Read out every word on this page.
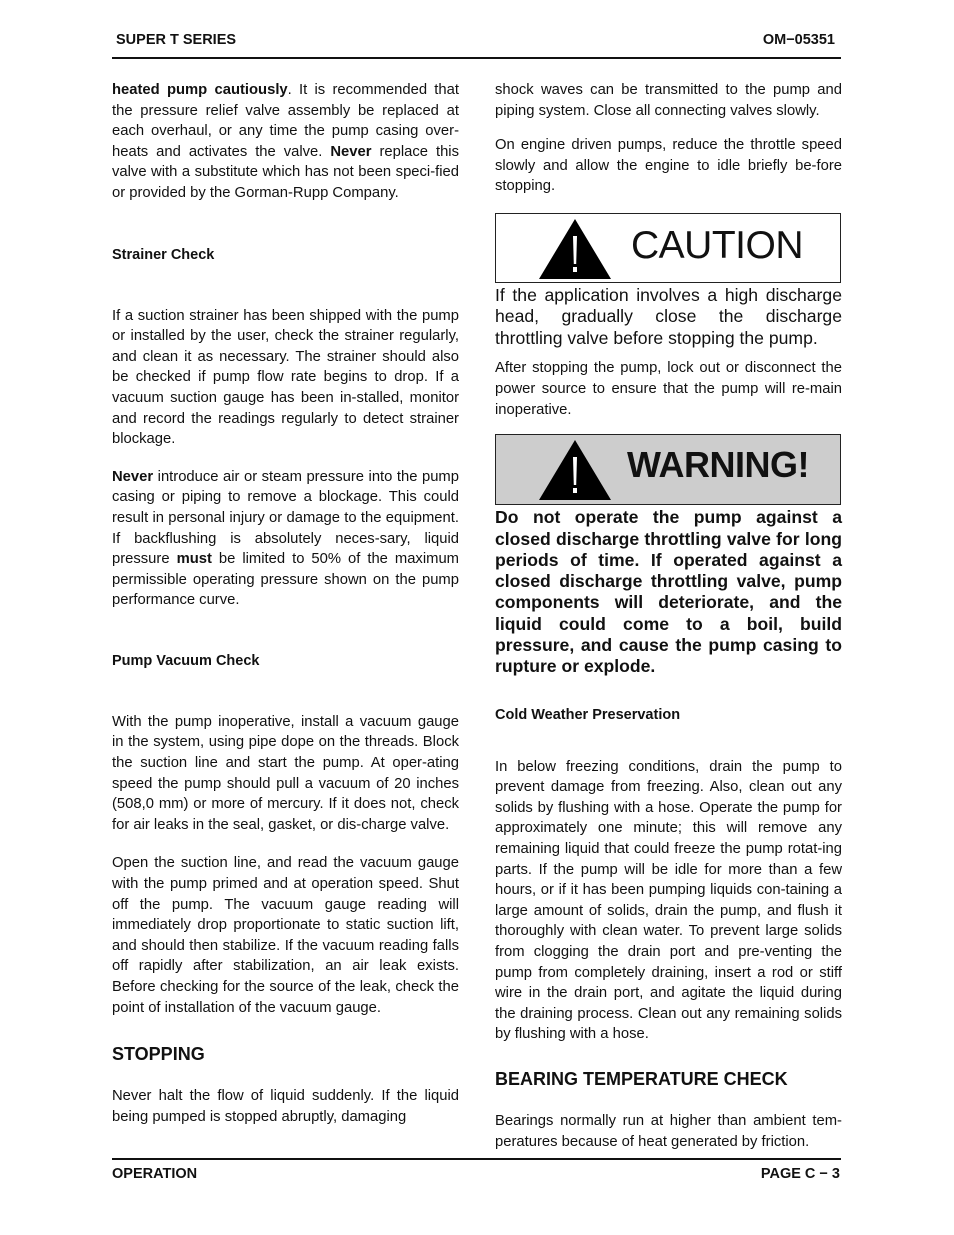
SUPER T SERIES	OM−05351

heated pump cautiously. It is recommended that the pressure relief valve assembly be replaced at each overhaul, or any time the pump casing over-heats and activates the valve. Never replace this valve with a substitute which has not been speci-fied or provided by the Gorman-Rupp Company.

Strainer Check

If a suction strainer has been shipped with the pump or installed by the user, check the strainer regularly, and clean it as necessary. The strainer should also be checked if pump flow rate begins to drop. If a vacuum suction gauge has been in-stalled, monitor and record the readings regularly to detect strainer blockage.

Never introduce air or steam pressure into the pump casing or piping to remove a blockage. This could result in personal injury or damage to the equipment. If backflushing is absolutely neces-sary, liquid pressure must be limited to 50% of the maximum permissible operating pressure shown on the pump performance curve.

Pump Vacuum Check

With the pump inoperative, install a vacuum gauge in the system, using pipe dope on the threads. Block the suction line and start the pump. At oper-ating speed the pump should pull a vacuum of 20 inches (508,0 mm) or more of mercury. If it does not, check for air leaks in the seal, gasket, or dis-charge valve.

Open the suction line, and read the vacuum gauge with the pump primed and at operation speed. Shut off the pump. The vacuum gauge reading will immediately drop proportionate to static suction lift, and should then stabilize. If the vacuum reading falls off rapidly after stabilization, an air leak exists. Before checking for the source of the leak, check the point of installation of the vacuum gauge.

STOPPING

Never halt the flow of liquid suddenly. If the liquid being pumped is stopped abruptly, damaging

shock waves can be transmitted to the pump and piping system. Close all connecting valves slowly.

On engine driven pumps, reduce the throttle speed slowly and allow the engine to idle briefly be-fore stopping.

CAUTION

If the application involves a high discharge head, gradually close the discharge throttling valve before stopping the pump.

After stopping the pump, lock out or disconnect the power source to ensure that the pump will re-main inoperative.

WARNING!

Do not operate the pump against a closed discharge throttling valve for long periods of time. If operated against a closed discharge throttling valve, pump components will deteriorate, and the liquid could come to a boil, build pressure, and cause the pump casing to rupture or explode.

Cold Weather Preservation

In below freezing conditions, drain the pump to prevent damage from freezing. Also, clean out any solids by flushing with a hose. Operate the pump for approximately one minute; this will remove any remaining liquid that could freeze the pump rotat-ing parts. If the pump will be idle for more than a few hours, or if it has been pumping liquids con-taining a large amount of solids, drain the pump, and flush it thoroughly with clean water. To prevent large solids from clogging the drain port and pre-venting the pump from completely draining, insert a rod or stiff wire in the drain port, and agitate the liquid during the draining process. Clean out any remaining solids by flushing with a hose.

BEARING TEMPERATURE CHECK

Bearings normally run at higher than ambient tem-peratures because of heat generated by friction.

OPERATION	PAGE C − 3
